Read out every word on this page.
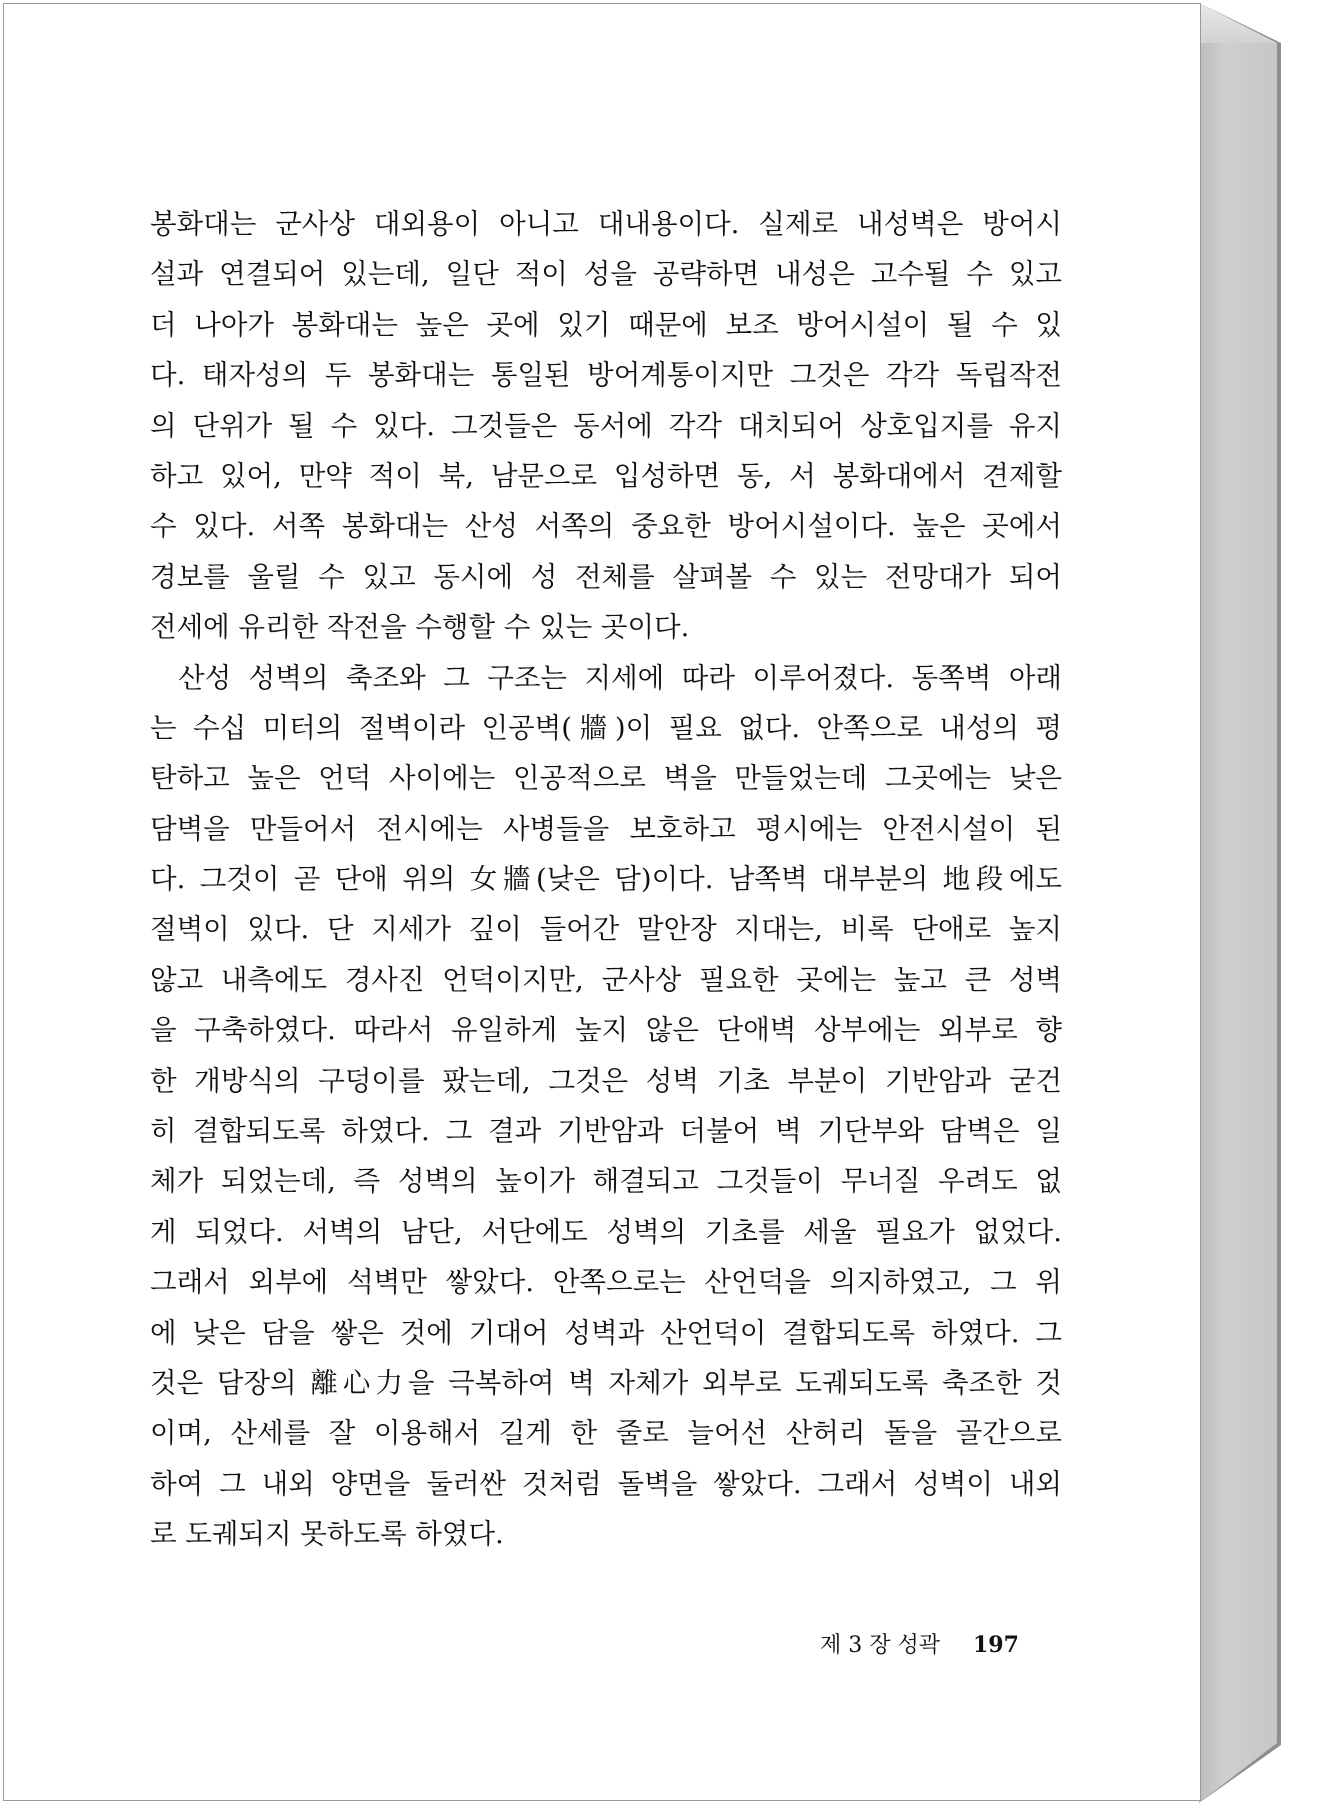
봉화대는 군사상 대외용이 아니고 대내용이다. 실제로 내성벽은 방어시
설과 연결되어 있는데, 일단 적이 성을 공략하면 내성은 고수될 수 있고
더 나아가 봉화대는 높은 곳에 있기 때문에 보조 방어시설이 될 수 있
다. 태자성의 두 봉화대는 통일된 방어계통이지만 그것은 각각 독립작전
의 단위가 될 수 있다. 그것들은 동서에 각각 대치되어 상호입지를 유지
하고 있어, 만약 적이 북, 남문으로 입성하면 동, 서 봉화대에서 견제할
수 있다. 서쪽 봉화대는 산성 서쪽의 중요한 방어시설이다. 높은 곳에서
경보를 울릴 수 있고 동시에 성 전체를 살펴볼 수 있는 전망대가 되어
전세에 유리한 작전을 수행할 수 있는 곳이다.
산성 성벽의 축조와 그 구조는 지세에 따라 이루어졌다. 동쪽벽 아래
는 수십 미터의 절벽이라 인공벽(牆)이 필요 없다. 안쪽으로 내성의 평
탄하고 높은 언덕 사이에는 인공적으로 벽을 만들었는데 그곳에는 낮은
담벽을 만들어서 전시에는 사병들을 보호하고 평시에는 안전시설이 된
다. 그것이 곧 단애 위의 女牆(낮은 담)이다. 남쪽벽 대부분의 地段에도
절벽이 있다. 단 지세가 깊이 들어간 말안장 지대는, 비록 단애로 높지
않고 내측에도 경사진 언덕이지만, 군사상 필요한 곳에는 높고 큰 성벽
을 구축하였다. 따라서 유일하게 높지 않은 단애벽 상부에는 외부로 향
한 개방식의 구덩이를 팠는데, 그것은 성벽 기초 부분이 기반암과 굳건
히 결합되도록 하였다. 그 결과 기반암과 더불어 벽 기단부와 담벽은 일
체가 되었는데, 즉 성벽의 높이가 해결되고 그것들이 무너질 우려도 없
게 되었다. 서벽의 남단, 서단에도 성벽의 기초를 세울 필요가 없었다.
그래서 외부에 석벽만 쌓았다. 안쪽으로는 산언덕을 의지하였고, 그 위
에 낮은 담을 쌓은 것에 기대어 성벽과 산언덕이 결합되도록 하였다. 그
것은 담장의 離心力을 극복하여 벽 자체가 외부로 도궤되도록 축조한 것
이며, 산세를 잘 이용해서 길게 한 줄로 늘어선 산허리 돌을 골간으로
하여 그 내외 양면을 둘러싼 것처럼 돌벽을 쌓았다. 그래서 성벽이 내외
로 도궤되지 못하도록 하였다.
제 3 장 성곽 197
